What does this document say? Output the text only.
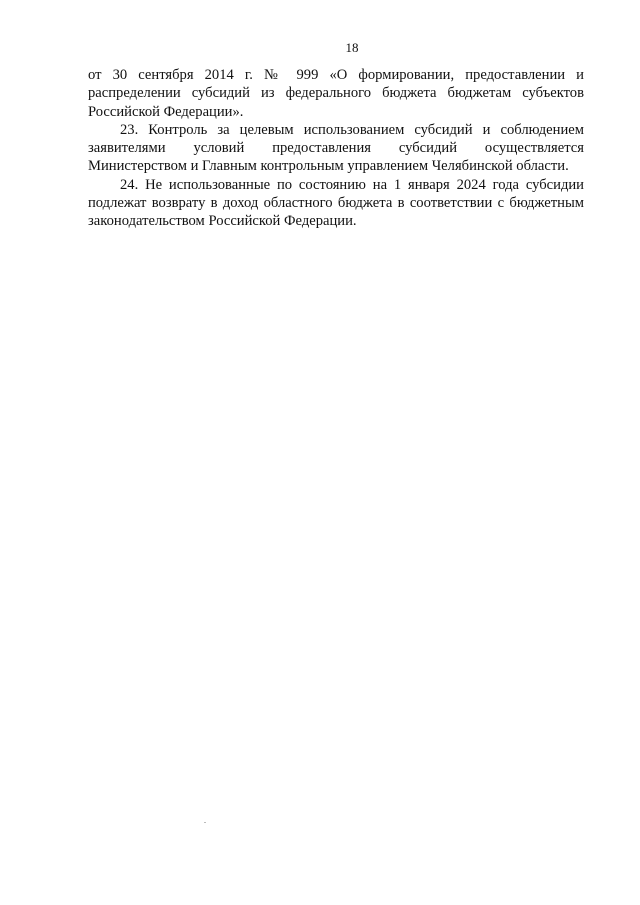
18

от 30 сентября 2014 г. № 999 «О формировании, предоставлении и распределении субсидий из федерального бюджета бюджетам субъектов Российской Федерации».

23. Контроль за целевым использованием субсидий и соблюдением заявителями условий предоставления субсидий осуществляется Министерством и Главным контрольным управлением Челябинской области.

24. Не использованные по состоянию на 1 января 2024 года субсидии подлежат возврату в доход областного бюджета в соответствии с бюджетным законодательством Российской Федерации.
